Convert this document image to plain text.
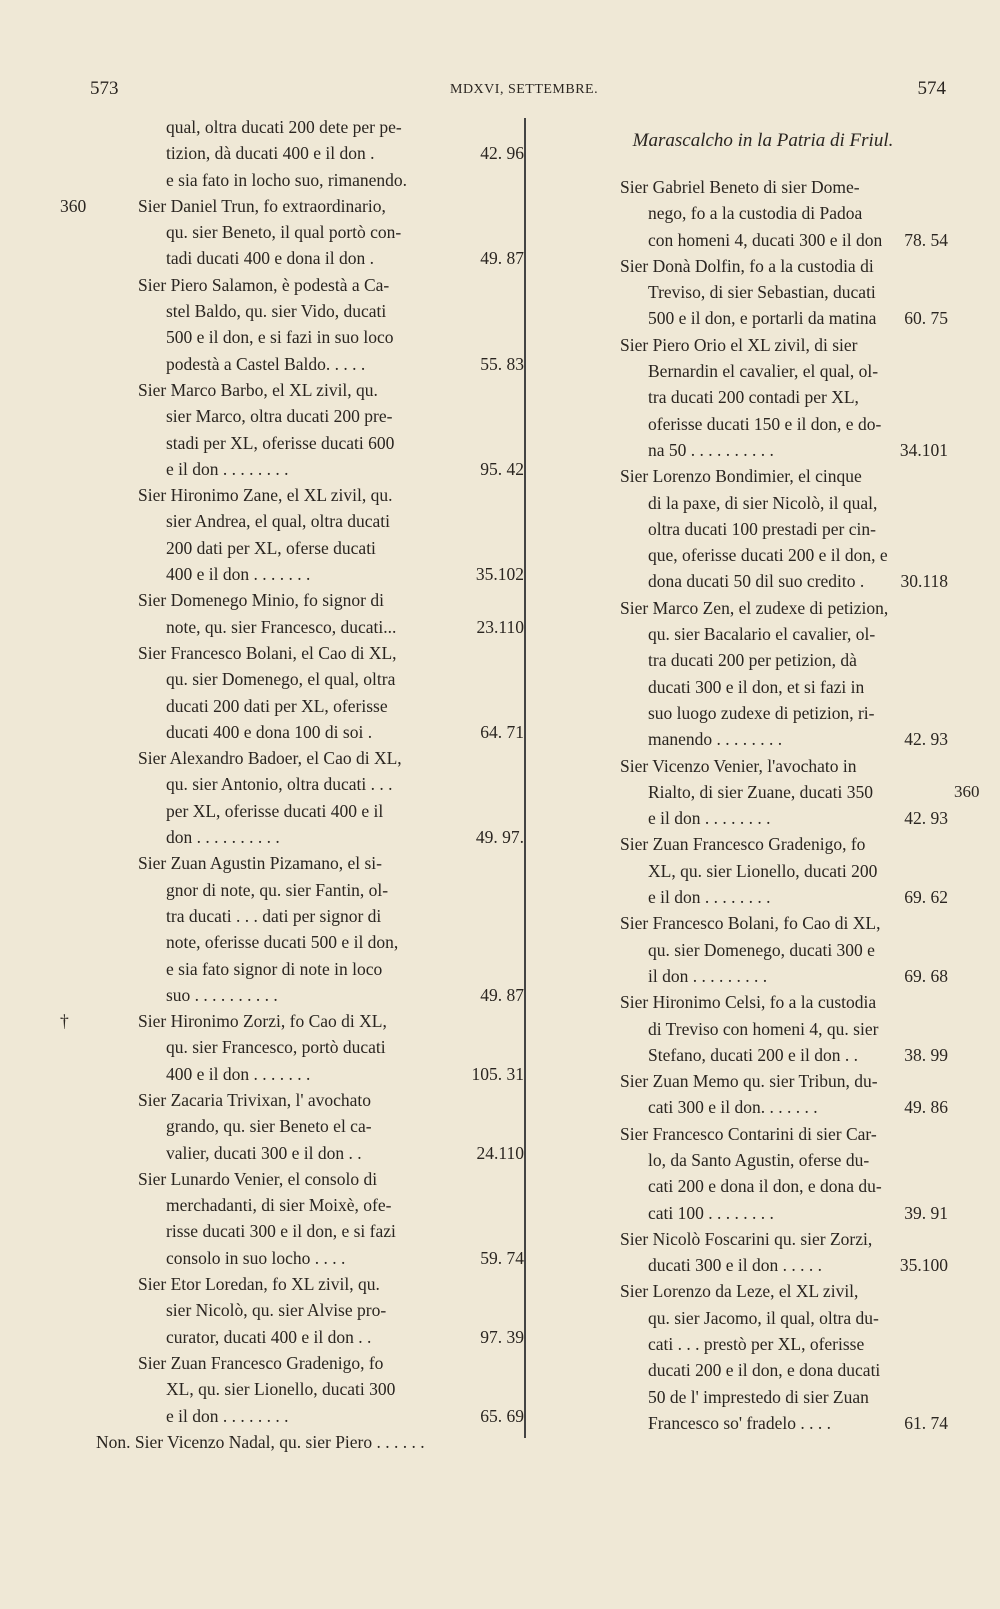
573	MDXVI, SETTEMBRE.	574
qual, oltra ducati 200 dete per pe-
tizion, dà ducati 400 e il don .	42. 96
e sia fato in locho suo, rimanendo.
Sier Daniel Trun, fo extraordinario,
360
qu. sier Beneto, il qual portò con-
tadi ducati 400 e dona il don .	49. 87
Sier Piero Salamon, è podestà a Ca-
stel Baldo, qu. sier Vido, ducati
500 e il don, e si fazi in suo loco
podestà a Castel Baldo. . . . .	55. 83
Sier Marco Barbo, el XL zivil, qu.
sier Marco, oltra ducati 200 pre-
stadi per XL, oferisse ducati 600
e il don . . . . . . . .	95. 42
Sier Hironimo Zane, el XL zivil, qu.
sier Andrea, el qual, oltra ducati
200 dati per XL, oferse ducati
400 e il don . . . . . . .	35.102
Sier Domenego Minio, fo signor di
note, qu. sier Francesco, ducati...	23.110
Sier Francesco Bolani, el Cao di XL,
qu. sier Domenego, el qual, oltra
ducati 200 dati per XL, oferisse
ducati 400 e dona 100 di soi .	64. 71
Sier Alexandro Badoer, el Cao di XL,
qu. sier Antonio, oltra ducati . . .
per XL, oferisse ducati 400 e il
don . . . . . . . . . .	49. 97.
Sier Zuan Agustin Pizamano, el si-
gnor di note, qu. sier Fantin, ol-
tra ducati . . . dati per signor di
note, oferisse ducati 500 e il don,
e sia fato signor di note in loco
suo . . . . . . . . . .	49. 87
Sier Hironimo Zorzi, fo Cao di XL,
†
qu. sier Francesco, portò ducati
400 e il don . . . . . . .	105. 31
Sier Zacaria Trivixan, l' avochato
grando, qu. sier Beneto el ca-
valier, ducati 300 e il don . .	24.110
Sier Lunardo Venier, el consolo di
merchadanti, di sier Moixè, ofe-
risse ducati 300 e il don, e si fazi
consolo in suo locho . . . .	59. 74
Sier Etor Loredan, fo XL zivil, qu.
sier Nicolò, qu. sier Alvise pro-
curator, ducati 400 e il don . .	97. 39
Sier Zuan Francesco Gradenigo, fo
XL, qu. sier Lionello, ducati 300
e il don . . . . . . . .	65. 69
Non. Sier Vicenzo Nadal, qu. sier Piero . . . . . .
Marascalcho in la Patria di Friul.
Sier Gabriel Beneto di sier Dome-
nego, fo a la custodia di Padoa
con homeni 4, ducati 300 e il don 78. 54
Sier Donà Dolfin, fo a la custodia di
Treviso, di sier Sebastian, ducati
500 e il don, e portarli da matina 60. 75
Sier Piero Orio el XL zivil, di sier
Bernardin el cavalier, el qual, ol-
tra ducati 200 contadi per XL,
oferisse ducati 150 e il don, e do-
na 50 . . . . . . . . . .	34.101
Sier Lorenzo Bondimier, el cinque
di la paxe, di sier Nicolò, il qual,
oltra ducati 100 prestadi per cin-
que, oferisse ducati 200 e il don, e
dona ducati 50 dil suo credito . 30.118
Sier Marco Zen, el zudexe di petizion,
qu. sier Bacalario el cavalier, ol-
tra ducati 200 per petizion, dà
ducati 300 e il don, et si fazi in
suo luogo zudexe di petizion, ri-
manendo . . . . . . . .	42. 93
Sier Vicenzo Venier, l'avochato in
Rialto, di sier Zuane, ducati 350	360
e il don . . . . . . . .	42. 93
Sier Zuan Francesco Gradenigo, fo
XL, qu. sier Lionello, ducati 200
e il don . . . . . . . .	69. 62
Sier Francesco Bolani, fo Cao di XL,
qu. sier Domenego, ducati 300 e
il don . . . . . . . . .	69. 68
Sier Hironimo Celsi, fo a la custodia
di Treviso con homeni 4, qu. sier
Stefano, ducati 200 e il don . .	38. 99
Sier Zuan Memo qu. sier Tribun, du-
cati 300 e il don. . . . . . .	49. 86
Sier Francesco Contarini di sier Car-
lo, da Santo Agustin, oferse du-
cati 200 e dona il don, e dona du-
cati 100 . . . . . . . .	39. 91
Sier Nicolò Foscarini qu. sier Zorzi,
ducati 300 e il don . . . . .	35.100
Sier Lorenzo da Leze, el XL zivil,
qu. sier Jacomo, il qual, oltra du-
cati . . . prestò per XL, oferisse
ducati 200 e il don, e dona ducati
50 de l' imprestedo di sier Zuan
Francesco so' fradelo . . . .	61. 74
